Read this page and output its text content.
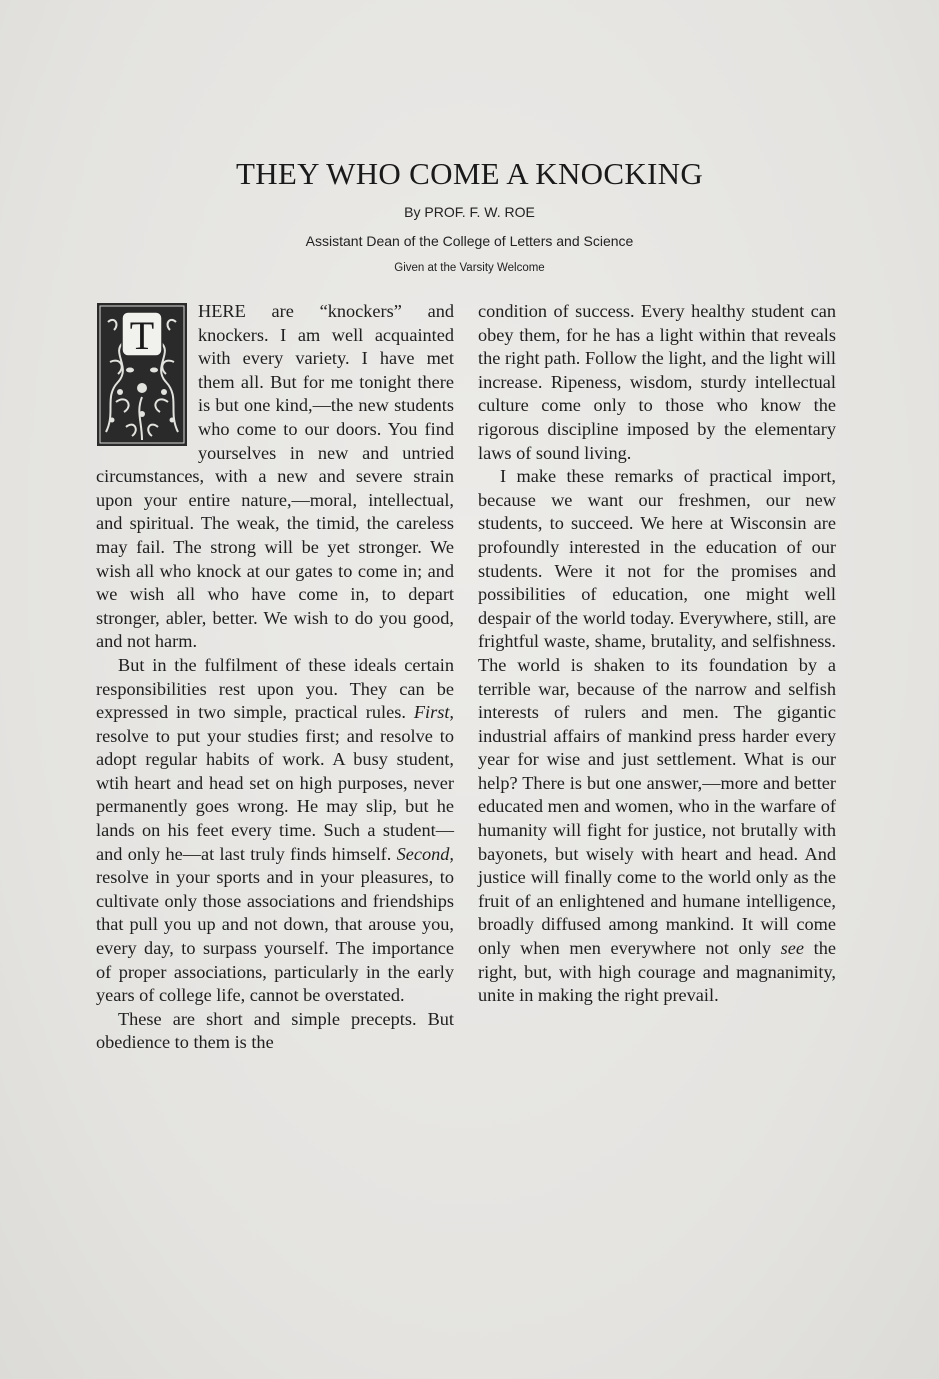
THEY WHO COME A KNOCKING
By PROF. F. W. ROE
Assistant Dean of the College of Letters and Science
Given at the Varsity Welcome
T

HERE are “knockers” and knockers. I am well acquainted with every variety. I have met them all. But for me tonight there is but one kind,—the new students who come to our doors. You find yourselves in new and untried circumstances, with a new and severe strain upon your entire nature,—moral, intellectual, and spiritual. The weak, the timid, the careless may fail. The strong will be yet stronger. We wish all who knock at our gates to come in; and we wish all who have come in, to depart stronger, abler, better. We wish to do you good, and not harm.

But in the fulfilment of these ideals certain responsibilities rest upon you. They can be expressed in two simple, practical rules. First, resolve to put your studies first; and resolve to adopt regular habits of work. A busy student, wtih heart and head set on high purposes, never permanently goes wrong. He may slip, but he lands on his feet every time. Such a student—and only he—at last truly finds himself. Second, resolve in your sports and in your pleasures, to cultivate only those associations and friendships that pull you up and not down, that arouse you, every day, to surpass yourself. The importance of proper associations, particularly in the early years of college life, cannot be overstated.

These are short and simple precepts. But obedience to them is the

condition of success. Every healthy student can obey them, for he has a light within that reveals the right path. Follow the light, and the light will increase. Ripeness, wisdom, sturdy intellectual culture come only to those who know the rigorous discipline imposed by the elementary laws of sound living.

I make these remarks of practical import, because we want our freshmen, our new students, to succeed. We here at Wisconsin are profoundly interested in the education of our students. Were it not for the promises and possibilities of education, one might well despair of the world today. Everywhere, still, are frightful waste, shame, brutality, and selfishness. The world is shaken to its foundation by a terrible war, because of the narrow and selfish interests of rulers and men. The gigantic industrial affairs of mankind press harder every year for wise and just settlement. What is our help? There is but one answer,—more and better educated men and women, who in the warfare of humanity will fight for justice, not brutally with bayonets, but wisely with heart and head. And justice will finally come to the world only as the fruit of an enlightened and humane intelligence, broadly diffused among mankind. It will come only when men everywhere not only see the right, but, with high courage and magnanimity, unite in making the right prevail.
